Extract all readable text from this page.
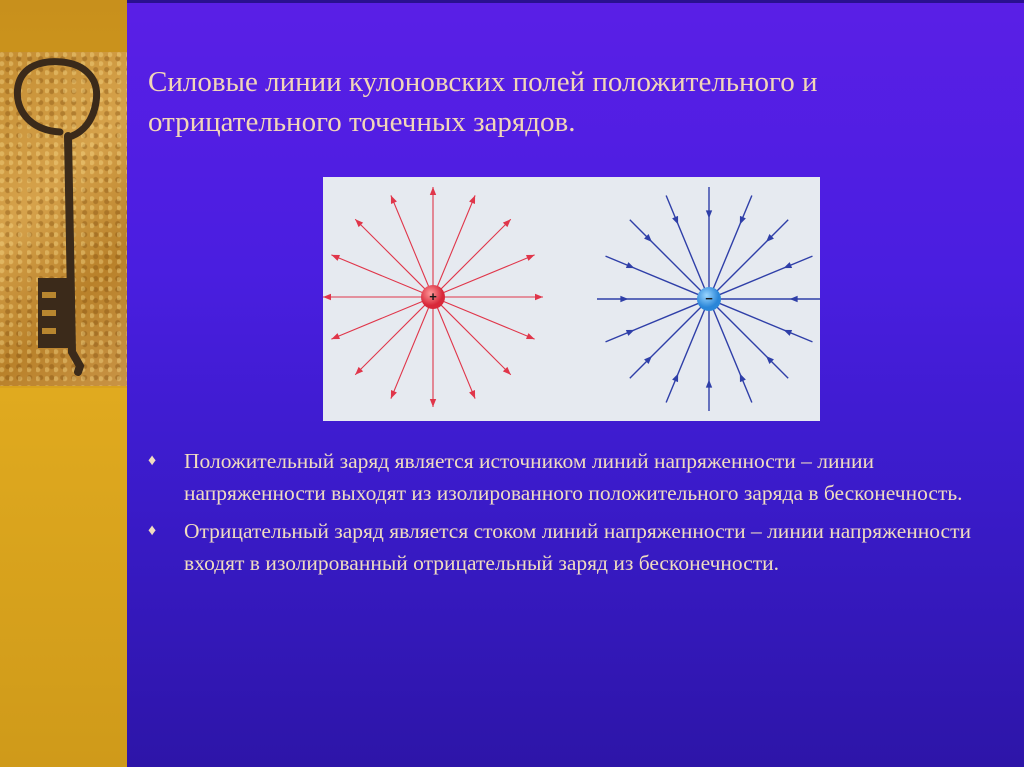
Силовые линии кулоновских полей положительного и отрицательного точечных зарядов.
+	−
♦ Положительный заряд является источником линий напряженности – линии напряженности выходят из изолированного положительного заряда в бесконечность.
♦ Отрицательный заряд является стоком линий напряженности – линии напряженности входят в изолированный отрицательный заряд из бесконечности.
